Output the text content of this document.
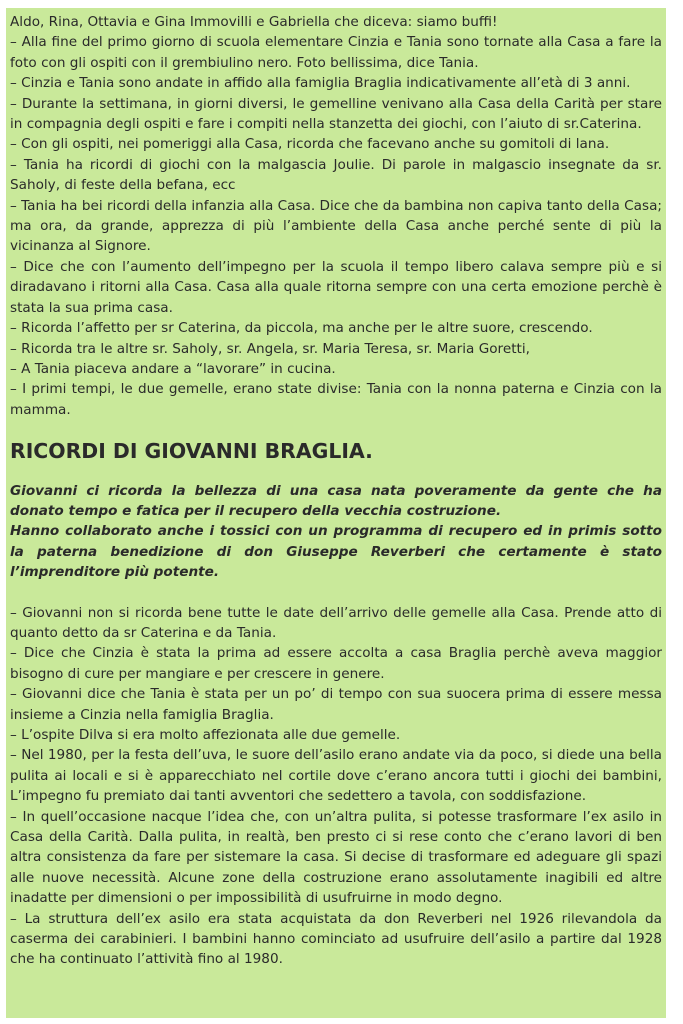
Aldo, Rina, Ottavia e Gina Immovilli e Gabriella che diceva: siamo buffi!

– Alla fine del primo giorno di scuola elementare Cinzia e Tania sono tornate alla Casa a fare la foto con gli ospiti con il grembiulino nero. Foto bellissima, dice Tania.

– Cinzia e Tania sono andate in affido alla famiglia Braglia indicativamente all’età di 3 anni.

– Durante la settimana, in giorni diversi, le gemelline venivano alla Casa della Carità per stare in compagnia degli ospiti e fare i compiti nella stanzetta dei giochi, con l’aiuto di sr.Caterina.

– Con gli ospiti, nei pomeriggi alla Casa, ricorda che facevano anche su gomitoli di lana.

– Tania ha ricordi di giochi con la malgascia Joulie. Di parole in malgascio insegnate da sr. Saholy, di feste della befana, ecc

– Tania ha bei ricordi della infanzia alla Casa. Dice che da bambina non capiva tanto della Casa; ma ora, da grande, apprezza di più l’ambiente della Casa anche perché sente di più la vicinanza al Signore.

– Dice che con l’aumento dell’impegno per la scuola il tempo libero calava sempre più e si diradavano i ritorni alla Casa. Casa alla quale ritorna sempre con una certa emozione perchè è stata la sua prima casa.

– Ricorda l’affetto per sr Caterina, da piccola, ma anche per le altre suore, crescendo.

– Ricorda tra le altre sr. Saholy, sr. Angela, sr. Maria Teresa, sr. Maria Goretti,

– A Tania piaceva andare a “lavorare” in cucina.

– I primi tempi, le due gemelle, erano state divise: Tania con la nonna paterna e Cinzia con la mamma.

RICORDI DI GIOVANNI BRAGLIA.

Giovanni ci ricorda la bellezza di una casa nata poveramente da gente che ha donato tempo e fatica per il recupero della vecchia costruzione.
Hanno collaborato anche i tossici con un programma di recupero ed in primis sotto la paterna benedizione di don Giuseppe Reverberi che certamente è stato l’imprenditore più potente.

– Giovanni non si ricorda bene tutte le date dell’arrivo delle gemelle alla Casa. Prende atto di quanto detto da sr Caterina e da Tania.

– Dice che Cinzia è stata la prima ad essere accolta a casa Braglia perchè aveva maggior bisogno di cure per mangiare e per crescere in genere.

– Giovanni dice che Tania è stata per un po’ di tempo con sua suocera prima di essere messa insieme a Cinzia nella famiglia Braglia.

– L’ospite Dilva si era molto affezionata alle due gemelle.

– Nel 1980, per la festa dell’uva, le suore dell’asilo erano andate via da poco, si diede una bella pulita ai locali e si è apparecchiato nel cortile dove c’erano ancora tutti i giochi dei bambini, L’impegno fu premiato dai tanti avventori che sedettero a tavola, con soddisfazione.

– In quell’occasione nacque l’idea che, con un’altra pulita, si potesse trasformare l’ex asilo in Casa della Carità. Dalla pulita, in realtà, ben presto ci si rese conto che c’erano lavori di ben altra consistenza da fare per sistemare la casa. Si decise di trasformare ed adeguare gli spazi alle nuove necessità. Alcune zone della costruzione erano assolutamente inagibili ed altre inadatte per dimensioni o per impossibilità di usufruirne in modo degno.

– La struttura dell’ex asilo era stata acquistata da don Reverberi nel 1926 rilevandola da caserma dei carabinieri. I bambini hanno cominciato ad usufruire dell’asilo a partire dal 1928 che ha continuato l’attività fino al 1980.
